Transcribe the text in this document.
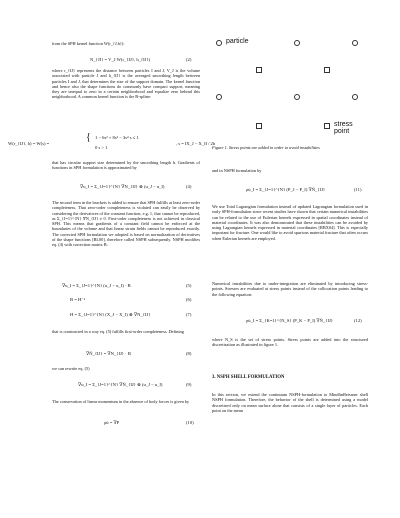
from the SPH kernel function W(r_{J,h}):

N_{JI} = V_J W(r_{IJ}, h_{IJ})	(2)

where r_{IJ} represents the distance between particles I and J, V_J is the volume associated with particle J and h_{IJ} is the averaged smoothing length between particles I and J, that determines the size of the support domain. The kernel function and hence also the shape functions do commonly have compact support, meaning they are unequal to zero in a certain neighborhood and equalize zero behind this neighborhood. A common kernel function is the B-spline:

W(r_{IJ}, h) = W(s) =
{ 1 − 6s² + 8s³ − 3s⁴ s ≤ 1
0 s > 1
, s = ‖X_J − X_I‖ / 2h

that has circular support size determined by the smoothing length h. Gradients of functions in SPH formulation is approximated by

∇u_I = Σ_{J=1}^{N} ∇N_{IJ} ⊗ (u_J − u_I)	(4)

The second term in the brackets is added to ensure that SPH fulfills at least zero-order completeness. That zero-order completeness is violated can easily be observed by considering the derivatives of the constant function, e.g. 1, that cannot be reproduced, as Σ_{J=1}^{N} ∇N_{IJ} ≠ 0. First-order completeness is not achieved in classical SPH. This means that gradients of a constant field cannot be enforced at the boundaries of the volume and that linear strain fields cannot be reproduced exactly. The corrected SPH formulation we adopted is based on normalization of derivatives of the shape functions [BL00], therefore called NSPH subsequently. NSPH modifies eq. (4) with correction matrix B:

∇u_I = Σ_{J=1}^{N} (u_J − u_I) · B	(5)
B = H⁻¹	(6)
H = Σ_{J=1}^{N} (X_J − X_I) ⊗ ∇N_{IJ}	(7)

that is constructed in a way eq. (5) fulfills first-order completeness. Defining

∇Ñ_{IJ} = ∇N_{IJ} · B	(8)

we can rewrite eq. (5)

∇u_I = Σ_{J=1}^{N} ∇Ñ_{IJ} ⊗ (u_J − u_I)	(9)

The conservation of linear momentum in the absence of body forces is given by

ρü = ∇P	(10)
particle
stress point

Figure 1. Stress points are added in order to avoid instabilities

and in NSPH formulation by

ρü_I = Σ_{J=1}^{N} (P_J − P_I) ∇Ñ_{IJ}	(11)

We use Total Lagrangian formulation instead of updated Lagrangian formulation used in early SPH-formulation since recent studies have shown that certain numerical instabilities can be related to the use of Eulerian kernels expressed in spatial coordinates instead of material coordinates. It was also demonstrated that these instabilities can be avoided by using Lagrangian kernels expressed in material coordinates [RBX04]. This is especially important for fracture. One would like to avoid spurious material fracture that often occurs when Eulerian kernels are employed.

Numerical instabilities due to under-integration are eliminated by introducing stress-points. Stresses are evaluated at stress points instead of the collocation points leading to the following equation:

ρü_I = Σ_{K=1}^{N_S} (P_K − P_I) ∇Ñ_{IJ}	(12)

where N_S is the set of stress points. Stress points are added into the structured discretization as illustrated in figure 1.

3. NSPH SHELL FORMULATION

In this section, we extend the continuum NSPH-formulation to MindlinReissner shell NSPH formulation. Therefore, the behavior of the shell is determined using a model discretized only on mean surface alone that consists of a single layer of particles. Each point on the mean
